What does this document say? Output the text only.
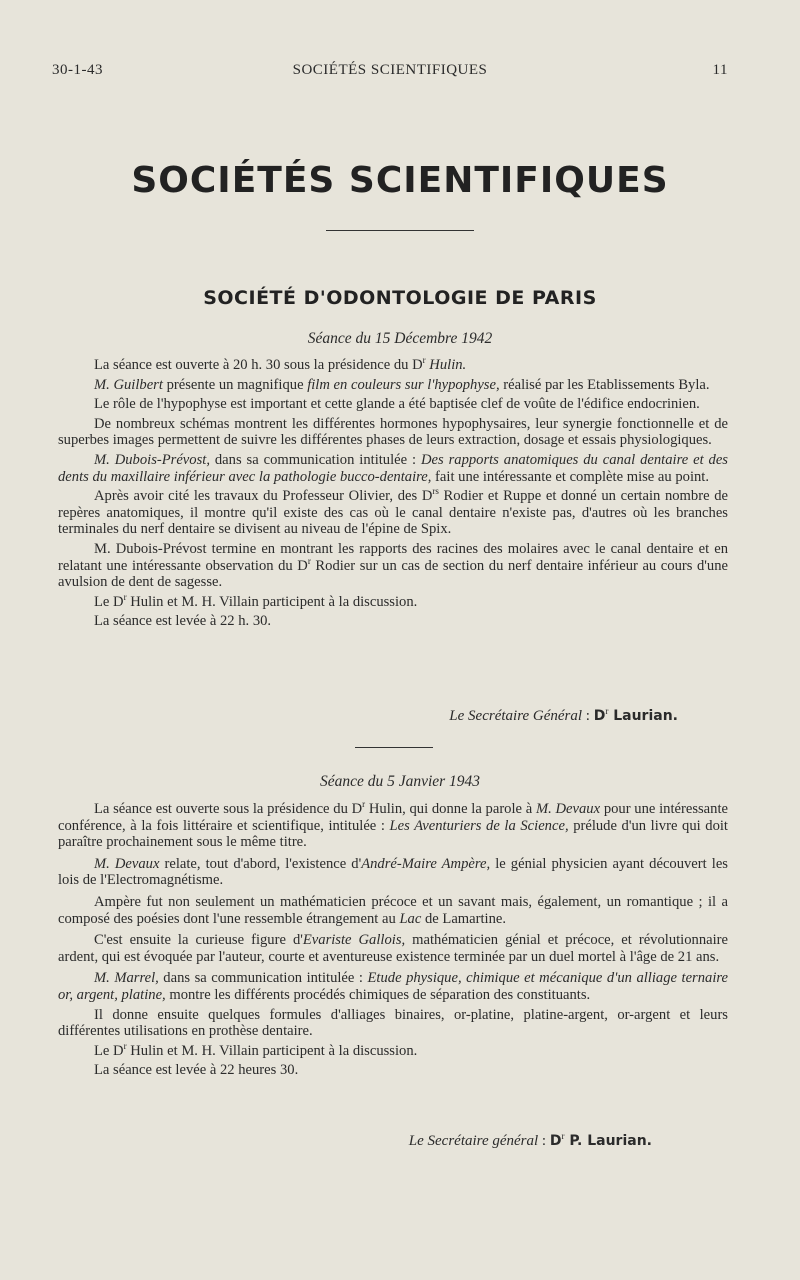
30-1-43	SOCIÉTÉS SCIENTIFIQUES	11
SOCIÉTÉS SCIENTIFIQUES
SOCIÉTÉ D'ODONTOLOGIE DE PARIS
Séance du 15 Décembre 1942

La séance est ouverte à 20 h. 30 sous la présidence du $D^r$ Hulin.

M. Guilbert présente un magnifique film en couleurs sur l'hypophyse, réalisé par les Etablissements Byla.

Le rôle de l'hypophyse est important et cette glande a été baptisée clef de voûte de l'édifice endocrinien.

De nombreux schémas montrent les différentes hormones hypophysaires, leur synergie fonctionnelle et de superbes images permettent de suivre les différentes phases de leurs extraction, dosage et essais physiologiques.

M. Dubois-Prévost, dans sa communication intitulée : Des rapports anatomiques du canal dentaire et des dents du maxillaire inférieur avec la pathologie bucco-dentaire, fait une intéressante et complète mise au point.

Après avoir cité les travaux du Professeur Olivier, des $D^{rs}$ Rodier et Ruppe et donné un certain nombre de repères anatomiques, il montre qu'il existe des cas où le canal dentaire n'existe pas, d'autres où les branches terminales du nerf dentaire se divisent au niveau de l'épine de Spix.

M. Dubois-Prévost termine en montrant les rapports des racines des molaires avec le canal dentaire et en relatant une intéressante observation du $D^r$ Rodier sur un cas de section du nerf dentaire inférieur au cours d'une avulsion de dent de sagesse.

Le $D^r$ Hulin et M. H. Villain participent à la discussion.

La séance est levée à 22 h. 30.

Le Secrétaire Général : $D^r$ Laurian.
Séance du 5 Janvier 1943

La séance est ouverte sous la présidence du $D^r$ Hulin, qui donne la parole à M. Devaux pour une intéressante conférence, à la fois littéraire et scientifique, intitulée : Les Aventuriers de la Science, prélude d'un livre qui doit paraître prochainement sous le même titre.

M. Devaux relate, tout d'abord, l'existence d'André-Maire Ampère, le génial physicien ayant découvert les lois de l'Electromagnétisme.

Ampère fut non seulement un mathématicien précoce et un savant mais, également, un romantique ; il a composé des poésies dont l'une ressemble étrangement au Lac de Lamartine.

C'est ensuite la curieuse figure d'Evariste Gallois, mathématicien génial et précoce, et révolutionnaire ardent, qui est évoquée par l'auteur, courte et aventureuse existence terminée par un duel mortel à l'âge de 21 ans.

M. Marrel, dans sa communication intitulée : Etude physique, chimique et mécanique d'un alliage ternaire or, argent, platine, montre les différents procédés chimiques de séparation des constituants.

Il donne ensuite quelques formules d'alliages binaires, or-platine, platine-argent, or-argent et leurs différentes utilisations en prothèse dentaire.

Le $D^r$ Hulin et M. H. Villain participent à la discussion.

La séance est levée à 22 heures 30.

Le Secrétaire général : $D^r$ P. Laurian.
